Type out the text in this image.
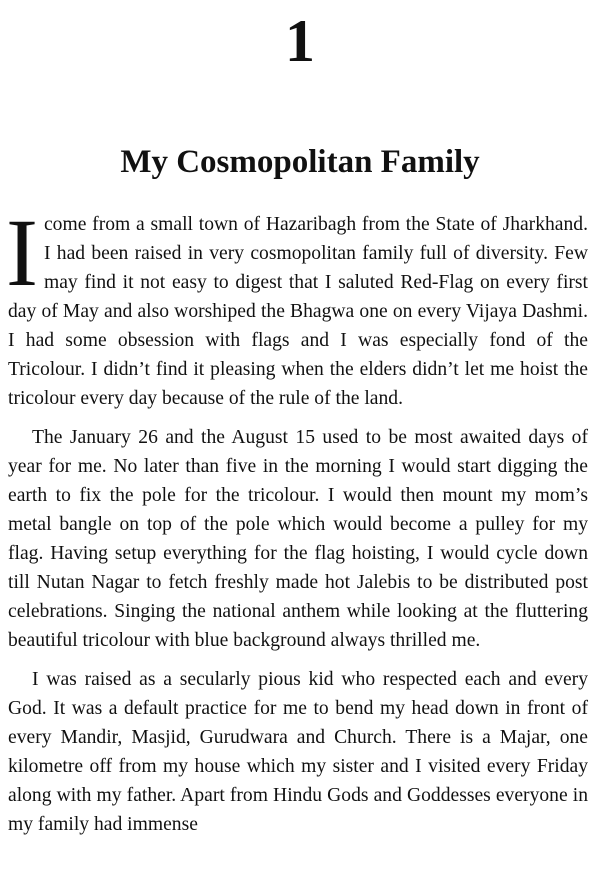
1
My Cosmopolitan Family

Icome from a small town of Hazaribagh from the State of Jharkhand. I had been raised in very cosmopolitan family full of diversity. Few may find it not easy to digest that I saluted Red-Flag on every first day of May and also worshiped the Bhagwa one on every Vijaya Dashmi. I had some obsession with flags and I was especially fond of the Tricolour. I didn’t find it pleasing when the elders didn’t let me hoist the tricolour every day because of the rule of the land.

The January 26 and the August 15 used to be most awaited days of year for me. No later than five in the morning I would start digging the earth to fix the pole for the tricolour. I would then mount my mom’s metal bangle on top of the pole which would become a pulley for my flag. Having setup everything for the flag hoisting, I would cycle down till Nutan Nagar to fetch freshly made hot Jalebis to be distributed post celebrations. Singing the national anthem while looking at the fluttering beautiful tricolour with blue background always thrilled me.

I was raised as a secularly pious kid who respected each and every God. It was a default practice for me to bend my head down in front of every Mandir, Masjid, Gurudwara and Church. There is a Majar, one kilometre off from my house which my sister and I visited every Friday along with my father. Apart from Hindu Gods and Goddesses everyone in my family had immense
